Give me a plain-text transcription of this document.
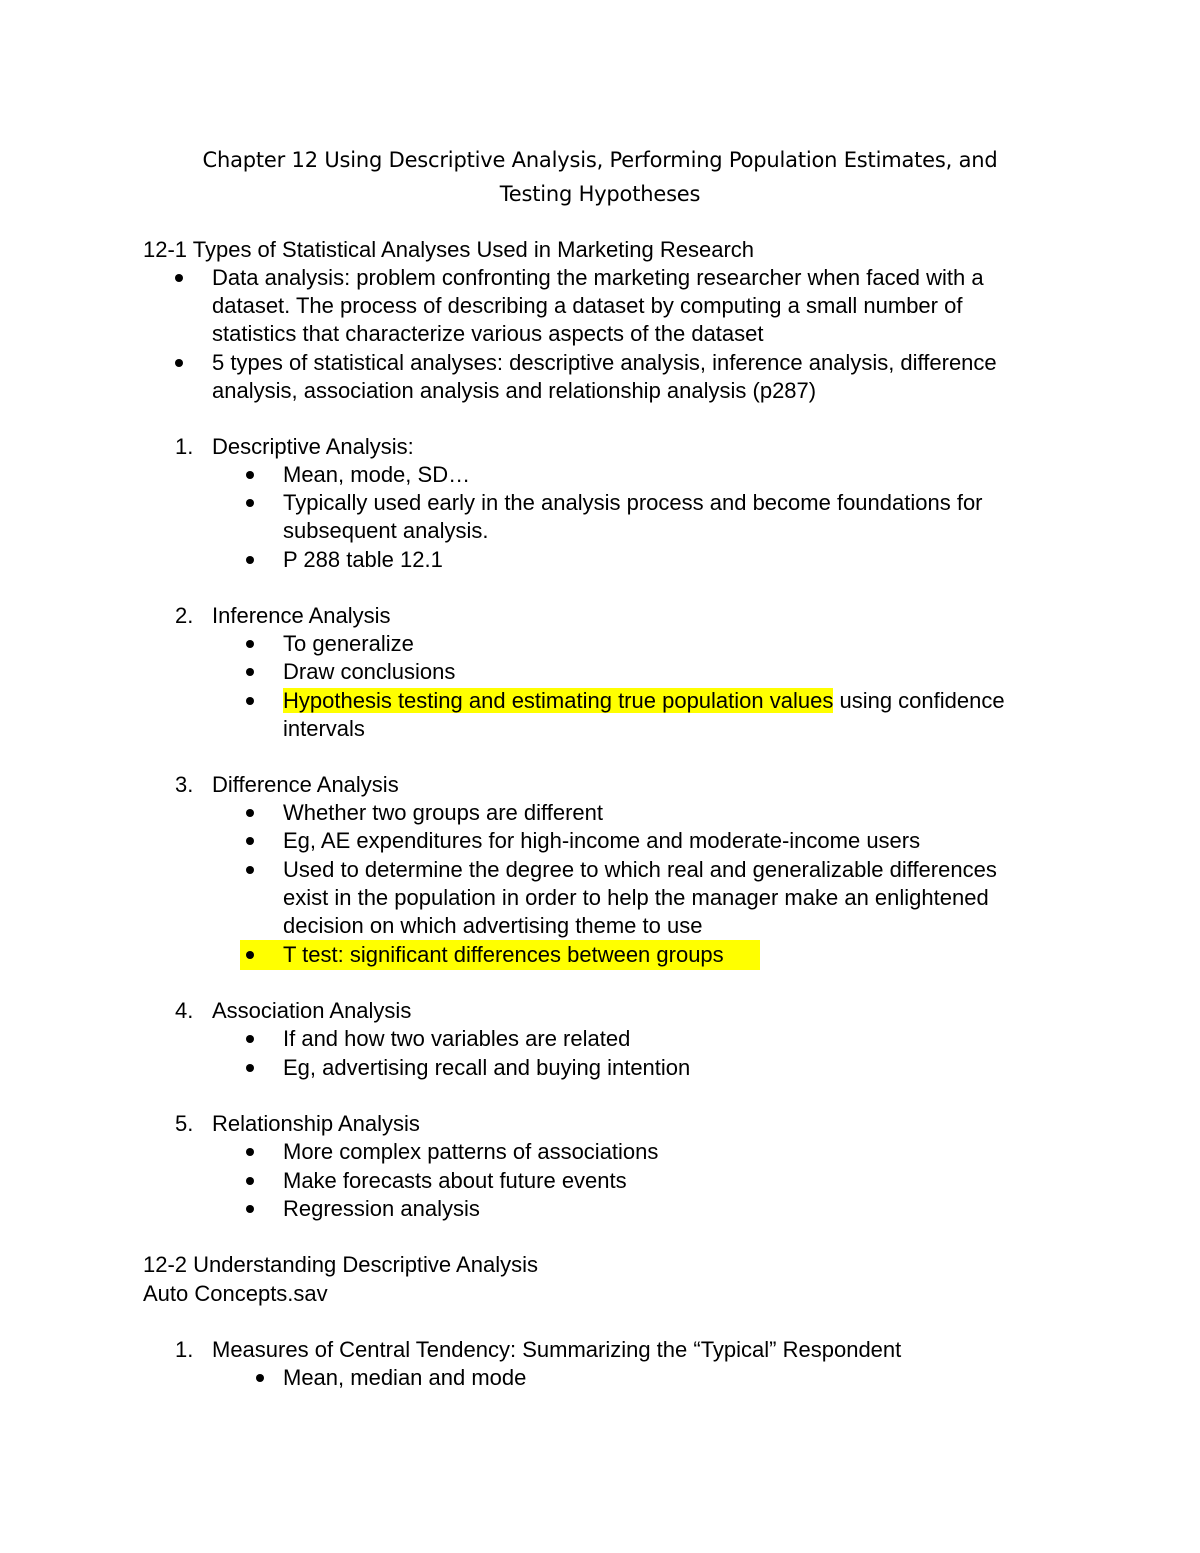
Chapter 12 Using Descriptive Analysis, Performing Population Estimates, and
Testing Hypotheses
12-1 Types of Statistical Analyses Used in Marketing Research
Data analysis: problem confronting the marketing researcher when faced with a
dataset. The process of describing a dataset by computing a small number of
statistics that characterize various aspects of the dataset
5 types of statistical analyses: descriptive analysis, inference analysis, difference
analysis, association analysis and relationship analysis (p287)
1. Descriptive Analysis:
Mean, mode, SD…
Typically used early in the analysis process and become foundations for
subsequent analysis.
P 288 table 12.1
2. Inference Analysis
To generalize
Draw conclusions
Hypothesis testing and estimating true population values using confidence
intervals
3. Difference Analysis
Whether two groups are different
Eg, AE expenditures for high-income and moderate-income users
Used to determine the degree to which real and generalizable differences
exist in the population in order to help the manager make an enlightened
decision on which advertising theme to use
T test: significant differences between groups
4. Association Analysis
If and how two variables are related
Eg, advertising recall and buying intention
5. Relationship Analysis
More complex patterns of associations
Make forecasts about future events
Regression analysis
12-2 Understanding Descriptive Analysis
Auto Concepts.sav
1. Measures of Central Tendency: Summarizing the “Typical” Respondent
Mean, median and mode
